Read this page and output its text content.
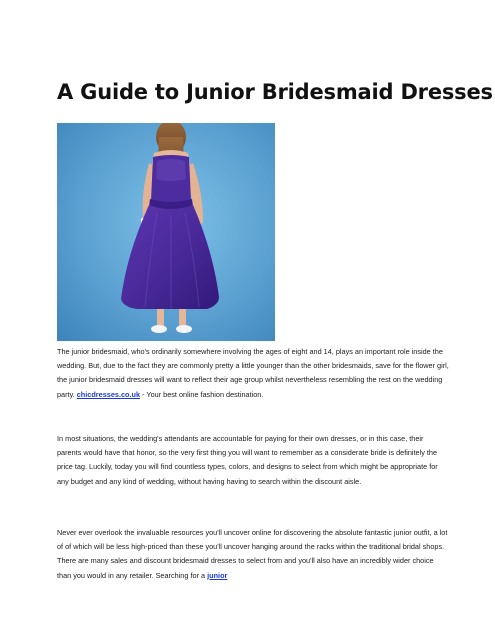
A Guide to Junior Bridesmaid Dresses

The junior bridesmaid, who's ordinarily somewhere involving the ages of eight and 14, plays an important role inside the wedding. But, due to the fact they are commonly pretty a little younger than the other bridesmaids, save for the flower girl, the junior bridesmaid dresses will want to reflect their age group whilst nevertheless resembling the rest on the wedding party. chicdresses.co.uk - Your best online fashion destination.

In most situations, the wedding's attendants are accountable for paying for their own dresses, or in this case, their parents would have that honor, so the very first thing you will want to remember as a considerate bride is definitely the price tag. Luckily, today you will find countless types, colors, and designs to select from which might be appropriate for any budget and any kind of wedding, without having having to search within the discount aisle.

Never ever overlook the invaluable resources you'll uncover online for discovering the absolute fantastic junior outfit, a lot of of which will be less high-priced than these you'll uncover hanging around the racks within the traditional bridal shops. There are many sales and discount bridesmaid dresses to select from and you'll also have an incredibly wider choice than you would in any retailer. Searching for a junior
